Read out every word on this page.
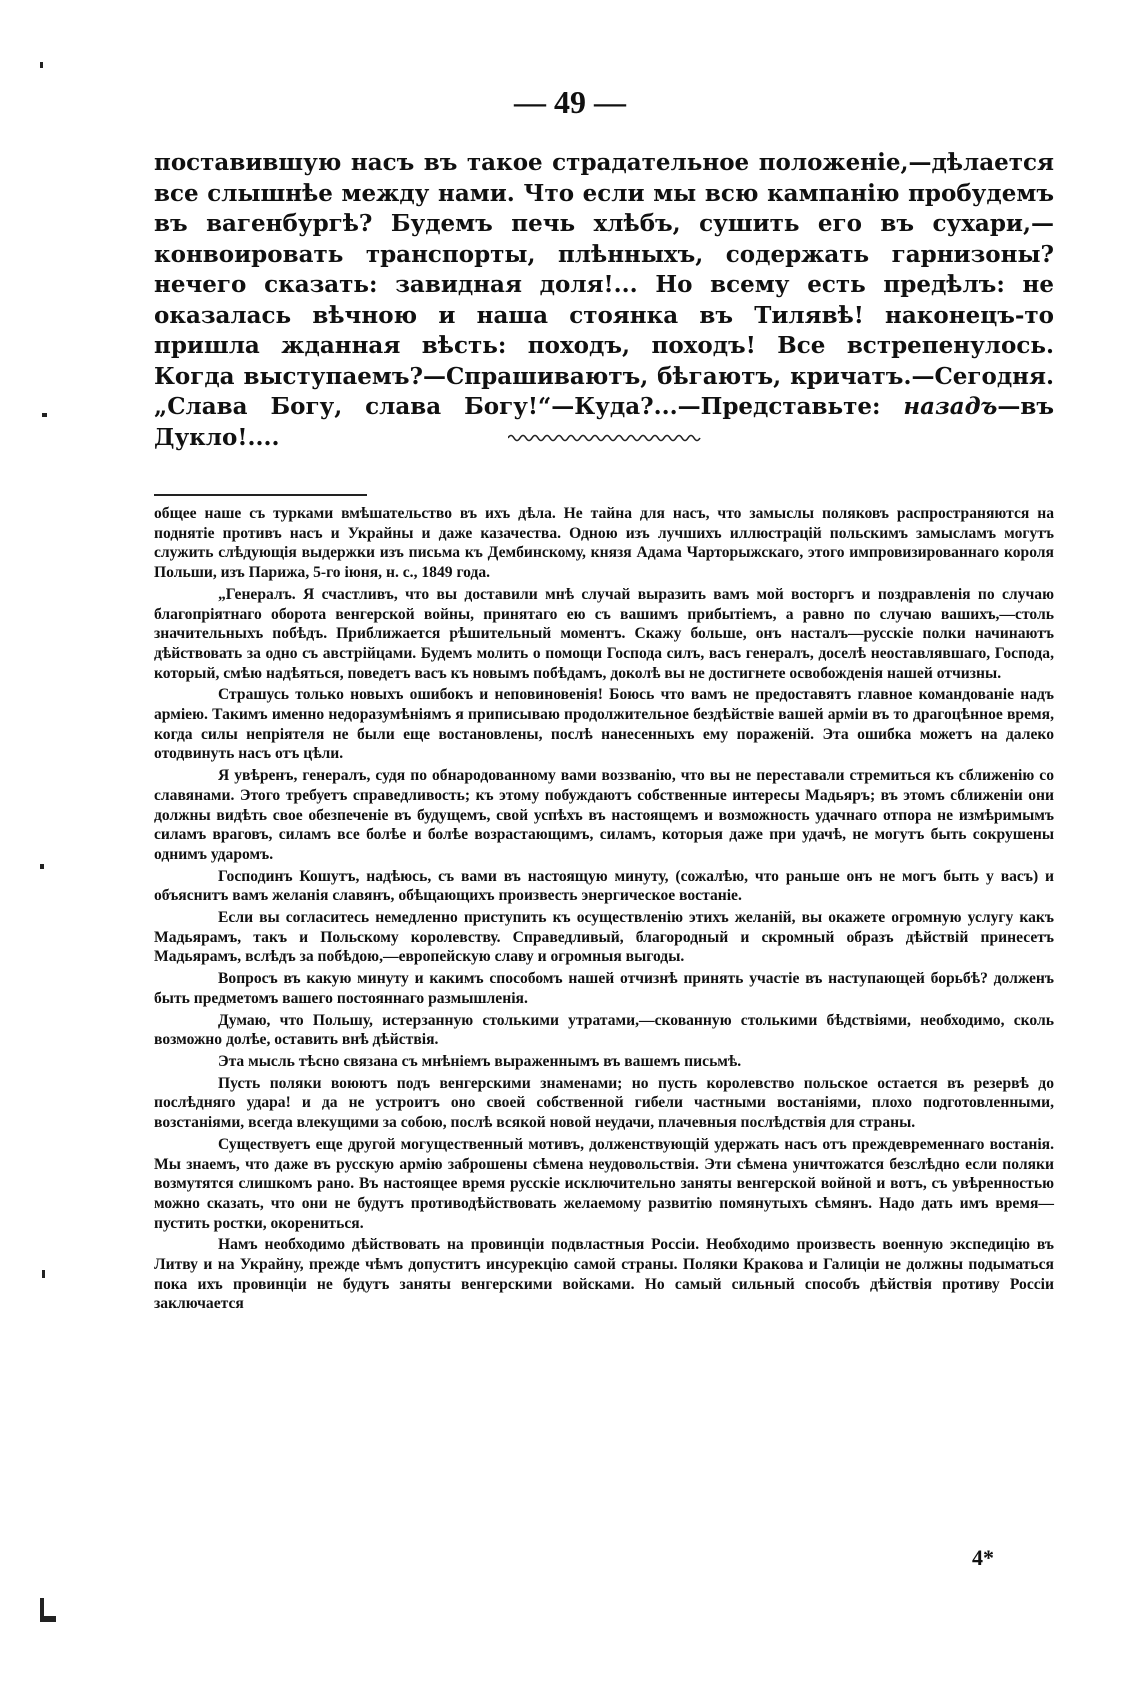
— 49 —

поставившую насъ въ такое страдательное положеніе,—дѣлается все слышнѣе между нами. Что если мы всю кампанію пробудемъ въ вагенбургѣ? Будемъ печь хлѣбъ, сушить его въ сухари,—конвоировать транспорты, плѣнныхъ, содержать гарнизоны? нечего сказать: завидная доля!... Но всему есть предѣлъ: не оказалась вѣчною и наша стоянка въ Тилявѣ! наконецъ-то пришла жданная вѣсть: походъ, походъ! Все встрепенулось. Когда выступаемъ?—Спрашиваютъ, бѣгаютъ, кричатъ.—Сегодня. „Слава Богу, слава Богу!“—Куда?...—Представьте: назадъ—въ Дукло!....

общее наше съ турками вмѣшательство въ ихъ дѣла. Не тайна для насъ, что замыслы поляковъ распространяются на поднятіе противъ насъ и Украйны и даже казачества. Одною изъ лучшихъ иллюстрацій польскимъ замысламъ могутъ служить слѣдующія выдержки изъ письма къ Дембинскому, князя Адама Чарторыжскаго, этого импровизированнаго короля Польши, изъ Парижа, 5-го іюня, н. с., 1849 года.

„Генералъ. Я счастливъ, что вы доставили мнѣ случай выразить вамъ мой восторгъ и поздравленія по случаю благопріятнаго оборота венгерской войны, принятаго ею съ вашимъ прибытіемъ, а равно по случаю вашихъ,—столь значительныхъ побѣдъ. Приближается рѣшительный моментъ. Скажу больше, онъ насталъ—русскіе полки начинаютъ дѣйствовать за одно съ австрійцами. Будемъ молить о помощи Господа силъ, васъ генералъ, доселѣ неоставлявшаго, Господа, который, смѣю надѣяться, поведетъ васъ къ новымъ побѣдамъ, доколѣ вы не достигнете освобожденія нашей отчизны.

Страшусь только новыхъ ошибокъ и неповиновенія! Боюсь что вамъ не предоставятъ главное командованіе надъ арміею. Такимъ именно недоразумѣніямъ я приписываю продолжительное бездѣйствіе вашей арміи въ то драгоцѣнное время, когда силы непріятеля не были еще востановлены, послѣ нанесенныхъ ему пораженій. Эта ошибка можетъ на далеко отодвинуть насъ отъ цѣли.

Я увѣренъ, генералъ, судя по обнародованному вами воззванію, что вы не переставали стремиться къ сближенію со славянами. Этого требуетъ справедливость; къ этому побуждаютъ собственные интересы Мадьяръ; въ этомъ сближеніи они должны видѣть свое обезпеченіе въ будущемъ, свой успѣхъ въ настоящемъ и возможность удачнаго отпора не измѣримымъ силамъ враговъ, силамъ все болѣе и болѣе возрастающимъ, силамъ, которыя даже при удачѣ, не могутъ быть сокрушены однимъ ударомъ.

Господинъ Кошутъ, надѣюсь, съ вами въ настоящую минуту, (сожалѣю, что раньше онъ не могъ быть у васъ) и объяснитъ вамъ желанія славянъ, обѣщающихъ произвесть энергическое востаніе.

Если вы согласитесь немедленно приступить къ осуществленію этихъ желаній, вы окажете огромную услугу какъ Мадьярамъ, такъ и Польскому королевству. Справедливый, благородный и скромный образъ дѣйствій принесетъ Мадьярамъ, вслѣдъ за побѣдою,—европейскую славу и огромныя выгоды.

Вопросъ въ какую минуту и какимъ способомъ нашей отчизнѣ принять участіе въ наступающей борьбѣ? долженъ быть предметомъ вашего постояннаго размышленія.

Думаю, что Польшу, истерзанную столькими утратами,—скованную столькими бѣдствіями, необходимо, сколь возможно долѣе, оставить внѣ дѣйствія.

Эта мысль тѣсно связана съ мнѣніемъ выраженнымъ въ вашемъ письмѣ.

Пусть поляки воюютъ подъ венгерскими знаменами; но пусть королевство польское остается въ резервѣ до послѣдняго удара! и да не устроитъ оно своей собственной гибели частными востаніями, плохо подготовленными, возстаніями, всегда влекущими за собою, послѣ всякой новой неудачи, плачевныя послѣдствія для страны.

Существуетъ еще другой могущественный мотивъ, долженствующій удержать насъ отъ преждевременнаго востанія. Мы знаемъ, что даже въ русскую армію заброшены сѣмена неудовольствія. Эти сѣмена уничтожатся безслѣдно если поляки возмутятся слишкомъ рано. Въ настоящее время русскіе исключительно заняты венгерской войной и вотъ, съ увѣренностью можно сказать, что они не будутъ противодѣйствовать желаемому развитію помянутыхъ сѣмянъ. Надо дать имъ время—пустить ростки, окорениться.

Намъ необходимо дѣйствовать на провинціи подвластныя Россіи. Необходимо произвесть военную экспедицію въ Литву и на Украйну, прежде чѣмъ допуститъ инсурекцію самой страны. Поляки Кракова и Галиціи не должны подыматься пока ихъ провинціи не будутъ заняты венгерскими войсками. Но самый сильный способъ дѣйствія противу Россіи заключается

4*
